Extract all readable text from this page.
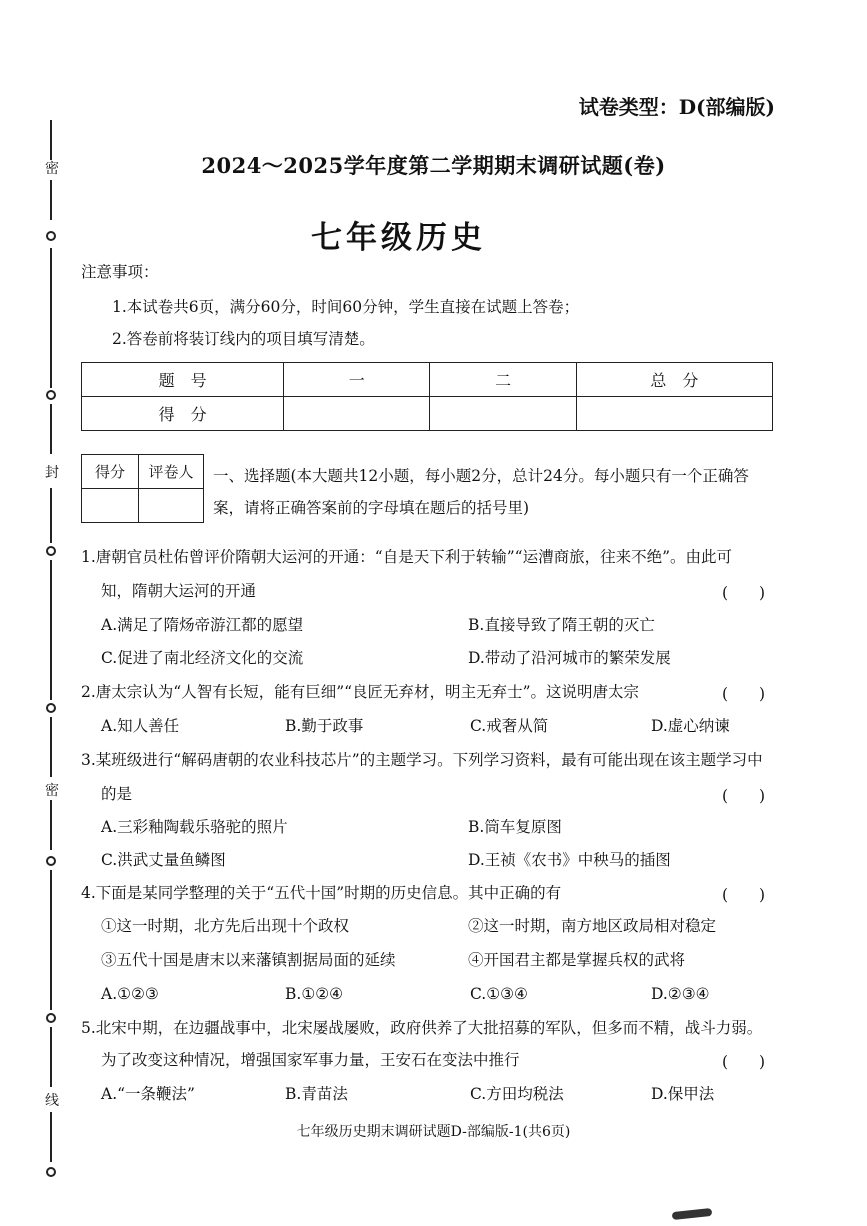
密
封
密
线
试卷类型：D(部编版)
2024～2025学年度第二学期期末调研试题(卷)
七年级历史
注意事项：
1.本试卷共6页，满分60分，时间60分钟，学生直接在试题上答卷；
2.答卷前将装订线内的项目填写清楚。
题　号	一	二	总　分
得　分			
得分	评卷人
	一、选择题(本大题共12小题，每小题2分，总计24分。每小题只有一个正确答
案，请将正确答案前的字母填在题后的括号里)
1.唐朝官员杜佑曾评价隋朝大运河的开通：“自是天下利于转输”“运漕商旅，往来不绝”。由此可
知，隋朝大运河的开通	(　　)
A.满足了隋炀帝游江都的愿望	B.直接导致了隋王朝的灭亡
C.促进了南北经济文化的交流	D.带动了沿河城市的繁荣发展
2.唐太宗认为“人智有长短，能有巨细”“良匠无弃材，明主无弃士”。这说明唐太宗	(　　)
A.知人善任	B.勤于政事	C.戒奢从简	D.虚心纳谏
3.某班级进行“解码唐朝的农业科技芯片”的主题学习。下列学习资料，最有可能出现在该主题学习中
的是	(　　)
A.三彩釉陶载乐骆驼的照片	B.筒车复原图
C.洪武丈量鱼鳞图	D.王祯《农书》中秧马的插图
4.下面是某同学整理的关于“五代十国”时期的历史信息。其中正确的有	(　　)
①这一时期，北方先后出现十个政权	②这一时期，南方地区政局相对稳定
③五代十国是唐末以来藩镇割据局面的延续	④开国君主都是掌握兵权的武将
A.①②③	B.①②④	C.①③④	D.②③④
5.北宋中期，在边疆战事中，北宋屡战屡败，政府供养了大批招募的军队，但多而不精，战斗力弱。
为了改变这种情况，增强国家军事力量，王安石在变法中推行	(　　)
A.“一条鞭法”	B.青苗法	C.方田均税法	D.保甲法
七年级历史期末调研试题D-部编版-1(共6页)
